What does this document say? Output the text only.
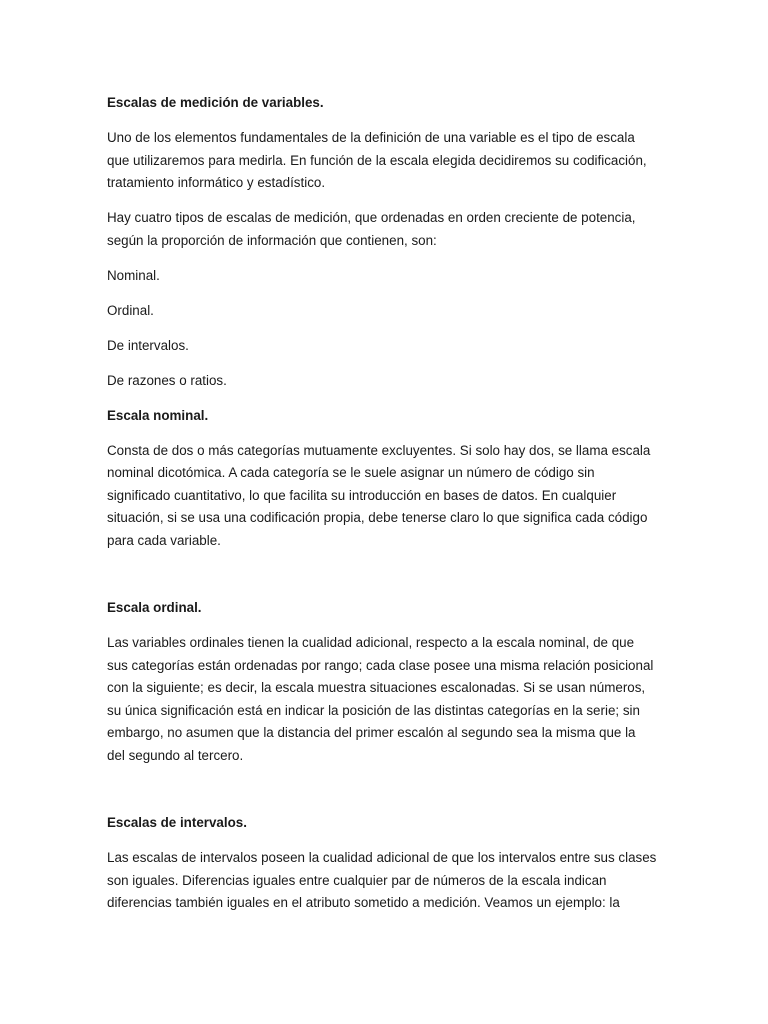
Escalas de medición de variables.

Uno de los elementos fundamentales de la definición de una variable es el tipo de escala
que utilizaremos para medirla. En función de la escala elegida decidiremos su codificación,
tratamiento informático y estadístico.

Hay cuatro tipos de escalas de medición, que ordenadas en orden creciente de potencia,
según la proporción de información que contienen, son:

Nominal.

Ordinal.

De intervalos.

De razones o ratios.

Escala nominal.

Consta de dos o más categorías mutuamente excluyentes. Si solo hay dos, se llama escala
nominal dicotómica. A cada categoría se le suele asignar un número de código sin
significado cuantitativo, lo que facilita su introducción en bases de datos. En cualquier
situación, si se usa una codificación propia, debe tenerse claro lo que significa cada código
para cada variable.

Escala ordinal.

Las variables ordinales tienen la cualidad adicional, respecto a la escala nominal, de que
sus categorías están ordenadas por rango; cada clase posee una misma relación posicional
con la siguiente; es decir, la escala muestra situaciones escalonadas. Si se usan números,
su única significación está en indicar la posición de las distintas categorías en la serie; sin
embargo, no asumen que la distancia del primer escalón al segundo sea la misma que la
del segundo al tercero.

Escalas de intervalos.

Las escalas de intervalos poseen la cualidad adicional de que los intervalos entre sus clases
son iguales. Diferencias iguales entre cualquier par de números de la escala indican
diferencias también iguales en el atributo sometido a medición. Veamos un ejemplo: la
